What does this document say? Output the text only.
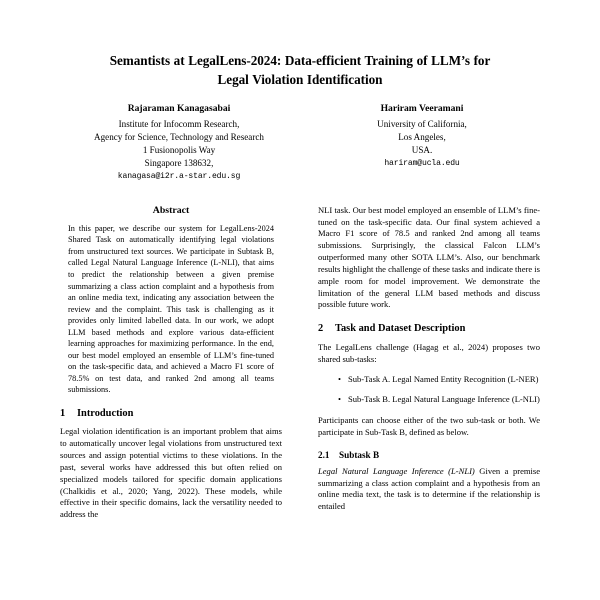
Semantists at LegalLens-2024: Data-efficient Training of LLM’s for
Legal Violation Identification
Rajaraman Kanagasabai
Institute for Infocomm Research,
Agency for Science, Technology and Research
1 Fusionopolis Way
Singapore 138632,
kanagasa@i2r.a-star.edu.sg
Hariram Veeramani
University of California,
Los Angeles,
USA.
hariram@ucla.edu
Abstract

In this paper, we describe our system for LegalLens-2024 Shared Task on automatically identifying legal violations from unstructured text sources. We participate in Subtask B, called Legal Natural Language Inference (L-NLI), that aims to predict the relationship between a given premise summarizing a class action complaint and a hypothesis from an online media text, indicating any association between the review and the complaint. This task is challenging as it provides only limited labelled data. In our work, we adopt LLM based methods and explore various data-efficient learning approaches for maximizing performance. In the end, our best model employed an ensemble of LLM’s fine-tuned on the task-specific data, and achieved a Macro F1 score of 78.5% on test data, and ranked 2nd among all teams submissions.

1 Introduction

Legal violation identification is an important problem that aims to automatically uncover legal violations from unstructured text sources and assign potential victims to these violations. In the past, several works have addressed this but often relied on specialized models tailored for specific domain applications (Chalkidis et al., 2020; Yang, 2022). These models, while effective in their specific domains, lack the versatility needed to address the

NLI task. Our best model employed an ensemble of LLM’s fine-tuned on the task-specific data. Our final system achieved a Macro F1 score of 78.5 and ranked 2nd among all teams submissions. Surprisingly, the classical Falcon LLM’s outperformed many other SOTA LLM’s. Also, our benchmark results highlight the challenge of these tasks and indicate there is ample room for model improvement. We demonstrate the limitation of the general LLM based methods and discuss possible future work.

2 Task and Dataset Description

The LegalLens challenge (Hagag et al., 2024) proposes two shared sub-tasks:

• Sub-Task A. Legal Named Entity Recognition (L-NER)
• Sub-Task B. Legal Natural Language Inference (L-NLI)

Participants can choose either of the two sub-task or both. We participate in Sub-Task B, defined as below.

2.1 Subtask B

Legal Natural Language Inference (L-NLI) Given a premise summarizing a class action complaint and a hypothesis from an online media text, the task is to determine if the relationship is entailed
